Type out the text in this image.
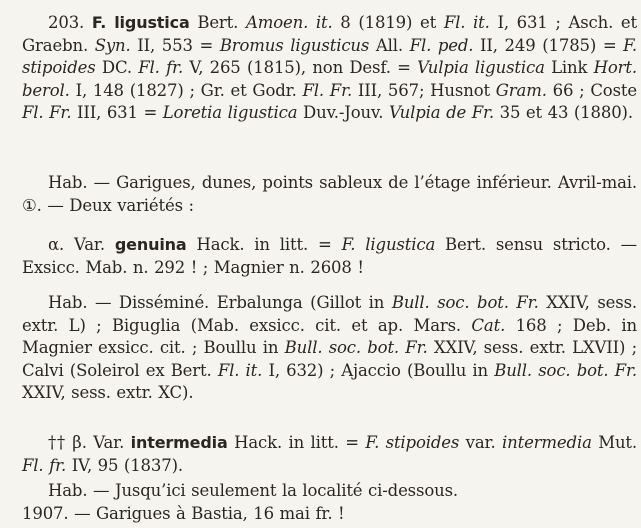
203. F. ligustica Bert. Amoen. it. 8 (1819) et Fl. it. I, 631 ; Asch. et Graebn. Syn. II, 553 = Bromus ligusticus All. Fl. ped. II, 249 (1785) = F. stipoides DC. Fl. fr. V, 265 (1815), non Desf. = Vulpia ligustica Link Hort. berol. I, 148 (1827) ; Gr. et Godr. Fl. Fr. III, 567; Husnot Gram. 66 ; Coste Fl. Fr. III, 631 = Loretia ligustica Duv.-Jouv. Vulpia de Fr. 35 et 43 (1880).

Hab. — Garigues, dunes, points sableux de l’étage inférieur. Avril-mai. ①. — Deux variétés :

α. Var. genuina Hack. in litt. = F. ligustica Bert. sensu stricto. — Exsicc. Mab. n. 292 ! ; Magnier n. 2608 !

Hab. — Disséminé. Erbalunga (Gillot in Bull. soc. bot. Fr. XXIV, sess. extr. L) ; Biguglia (Mab. exsicc. cit. et ap. Mars. Cat. 168 ; Deb. in Magnier exsicc. cit. ; Boullu in Bull. soc. bot. Fr. XXIV, sess. extr. LXVII) ; Calvi (Soleirol ex Bert. Fl. it. I, 632) ; Ajaccio (Boullu in Bull. soc. bot. Fr. XXIV, sess. extr. XC).

†† β. Var. intermedia Hack. in litt. = F. stipoides var. intermedia Mut. Fl. fr. IV, 95 (1837).

Hab. — Jusqu’ici seulement la localité ci-dessous.

1907. — Garigues à Bastia, 16 mai fr. !
